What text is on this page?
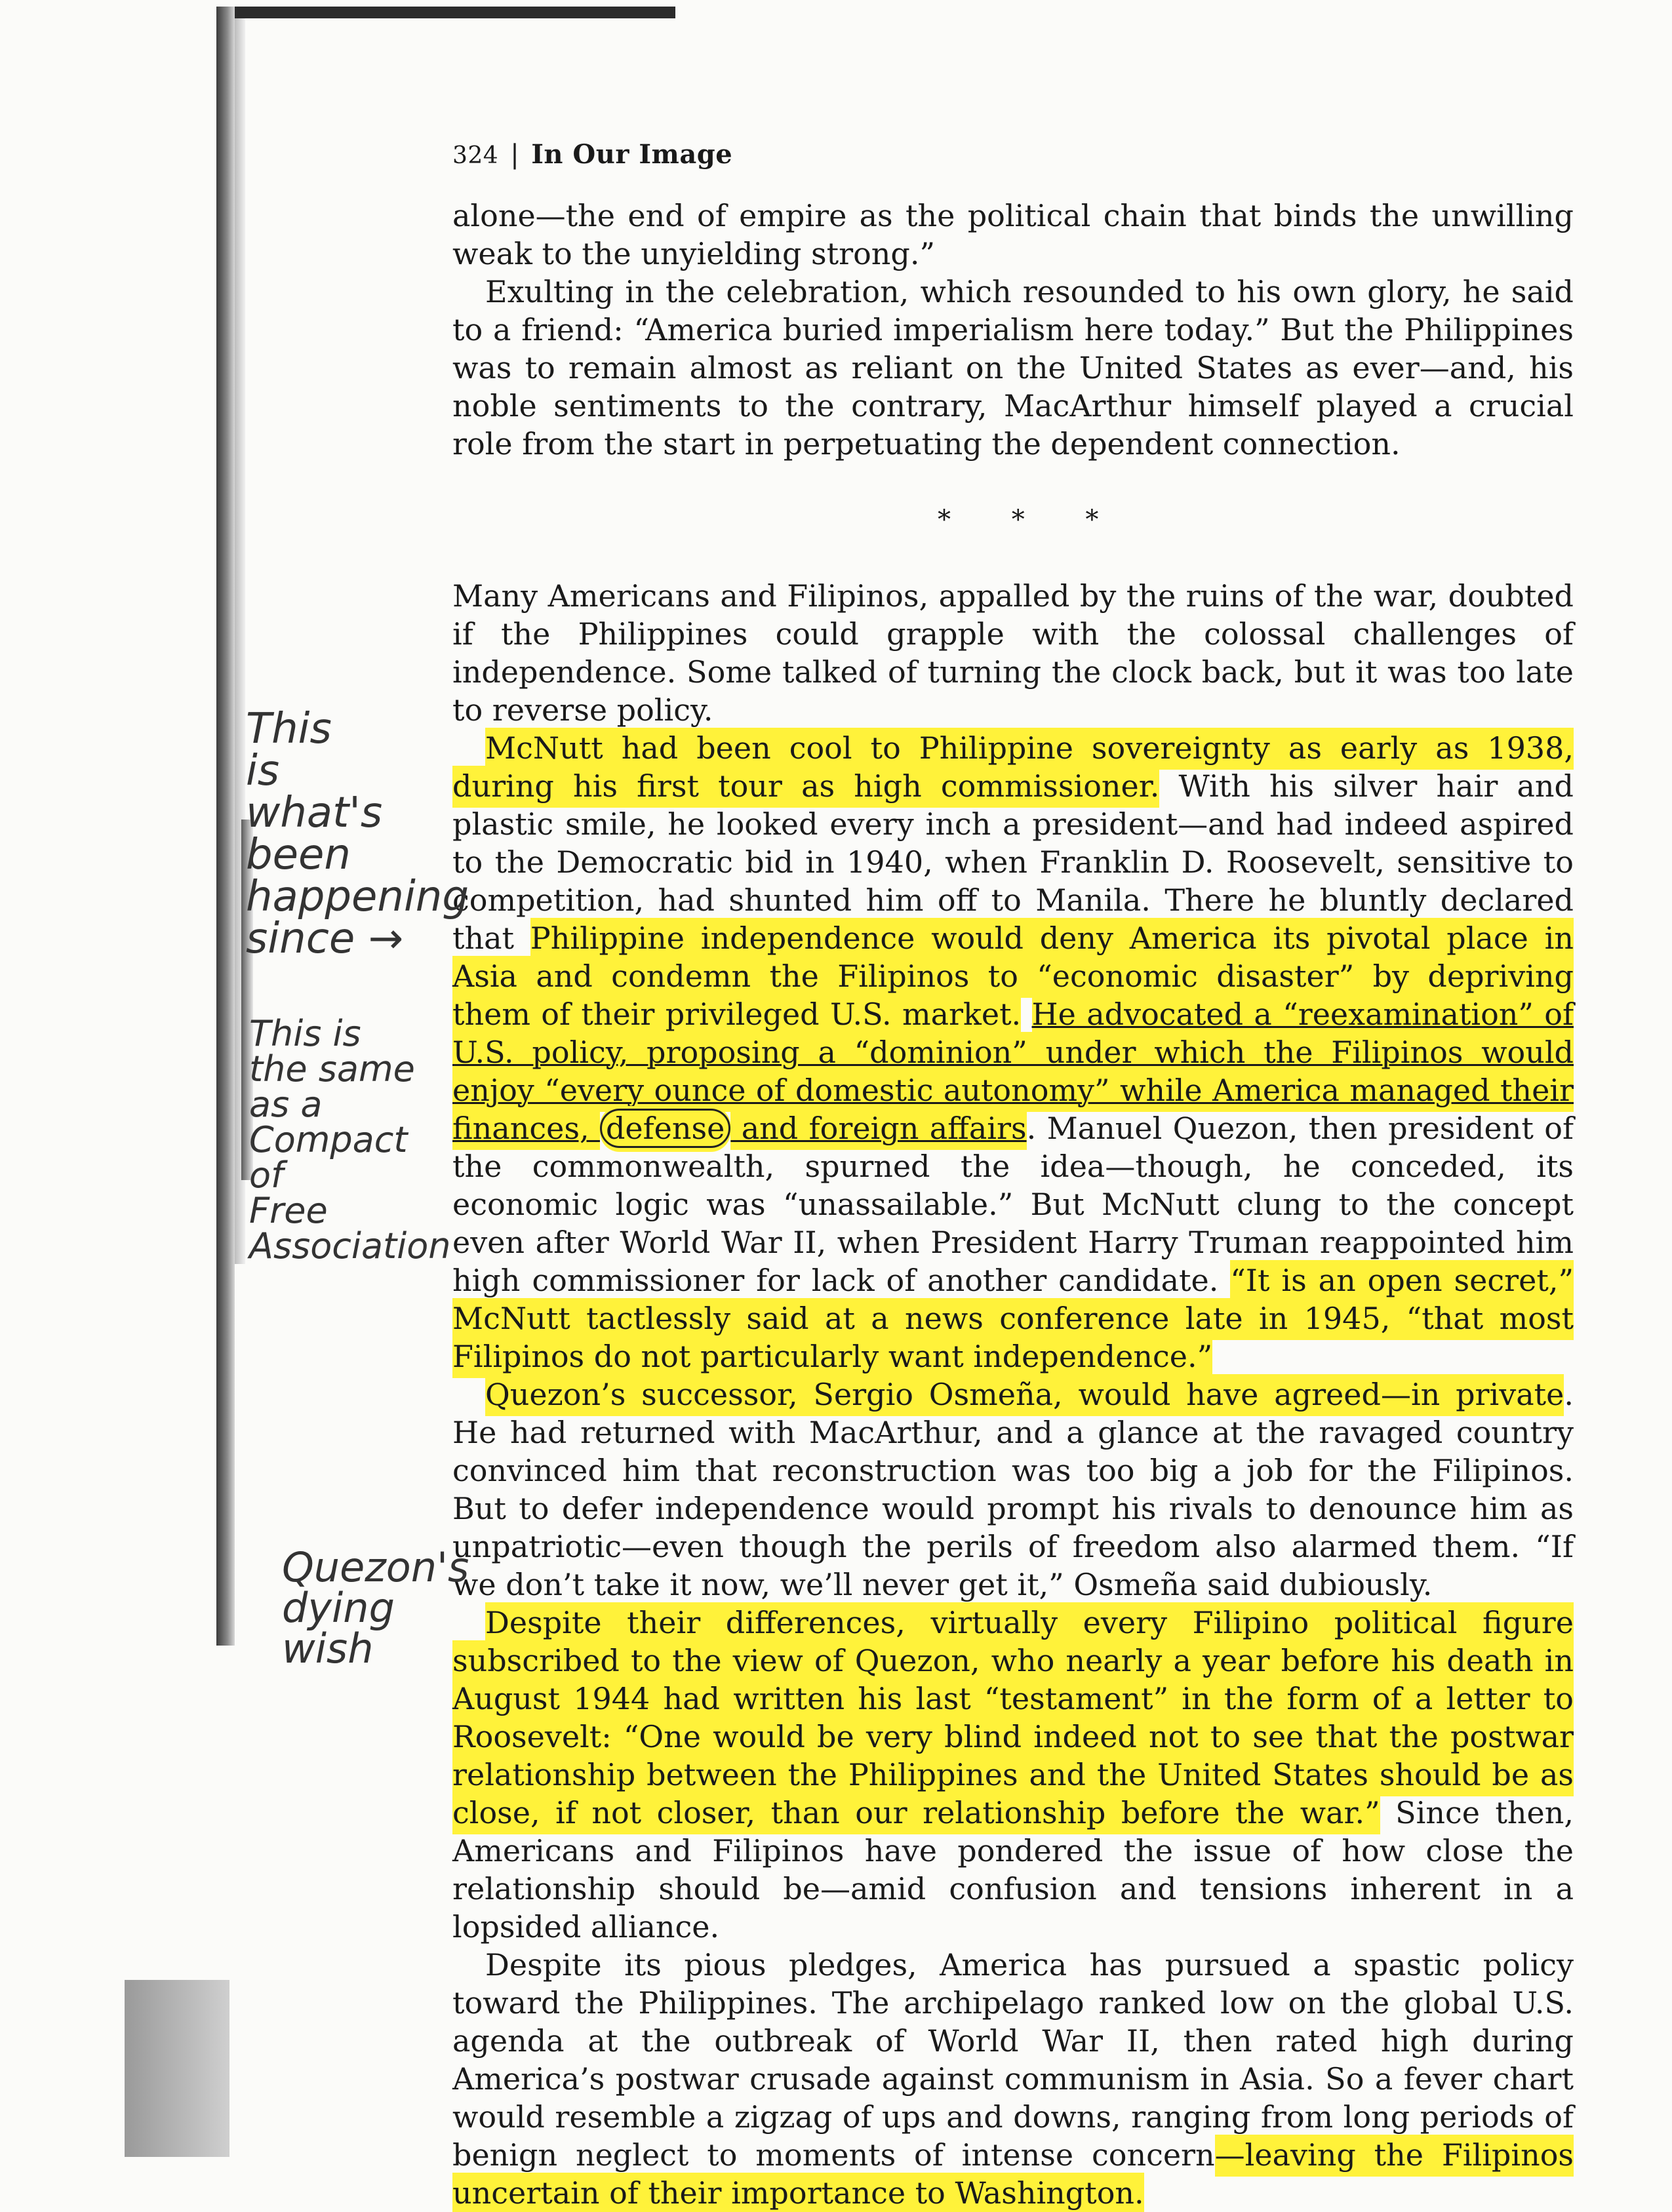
324 | In Our Image

alone—the end of empire as the political chain that binds the unwilling weak to the unyielding strong.”

Exulting in the celebration, which resounded to his own glory, he said to a friend: “America buried imperialism here today.” But the Philippines was to remain almost as reliant on the United States as ever—and, his noble sentiments to the contrary, MacArthur himself played a crucial role from the start in perpetuating the dependent connection.

* * *

Many Americans and Filipinos, appalled by the ruins of the war, doubted if the Philippines could grapple with the colossal challenges of independence. Some talked of turning the clock back, but it was too late to reverse policy.

McNutt had been cool to Philippine sovereignty as early as 1938, during his first tour as high commissioner. With his silver hair and plastic smile, he looked every inch a president—and had indeed aspired to the Democratic bid in 1940, when Franklin D. Roosevelt, sensitive to competition, had shunted him off to Manila. There he bluntly declared that Philippine independence would deny America its pivotal place in Asia and condemn the Filipinos to “economic disaster” by depriving them of their privileged U.S. market. He advocated a “reexamination” of U.S. policy, proposing a “dominion” under which the Filipinos would enjoy “every ounce of domestic autonomy” while America managed their finances, defense and foreign affairs. Manuel Quezon, then president of the commonwealth, spurned the idea—though, he conceded, its economic logic was “unassailable.” But McNutt clung to the concept even after World War II, when President Harry Truman reappointed him high commissioner for lack of another candidate. “It is an open secret,” McNutt tactlessly said at a news conference late in 1945, “that most Filipinos do not particularly want independence.”

Quezon’s successor, Sergio Osmeña, would have agreed—in private. He had returned with MacArthur, and a glance at the ravaged country convinced him that reconstruction was too big a job for the Filipinos. But to defer independence would prompt his rivals to denounce him as unpatriotic—even though the perils of freedom also alarmed them. “If we don’t take it now, we’ll never get it,” Osmeña said dubiously.

Despite their differences, virtually every Filipino political figure subscribed to the view of Quezon, who nearly a year before his death in August 1944 had written his last “testament” in the form of a letter to Roosevelt: “One would be very blind indeed not to see that the postwar relationship between the Philippines and the United States should be as close, if not closer, than our relationship before the war.” Since then, Americans and Filipinos have pondered the issue of how close the relationship should be—amid confusion and tensions inherent in a lopsided alliance.

Despite its pious pledges, America has pursued a spastic policy toward the Philippines. The archipelago ranked low on the global U.S. agenda at the outbreak of World War II, then rated high during America’s postwar crusade against communism in Asia. So a fever chart would resemble a zigzag of ups and downs, ranging from long periods of benign neglect to moments of intense concern—leaving the Filipinos uncertain of their importance to Washington.

This
is
what's
been
happening
since →
This is
the same
as a
Compact
of
Free
Association
Quezon's
dying
wish
